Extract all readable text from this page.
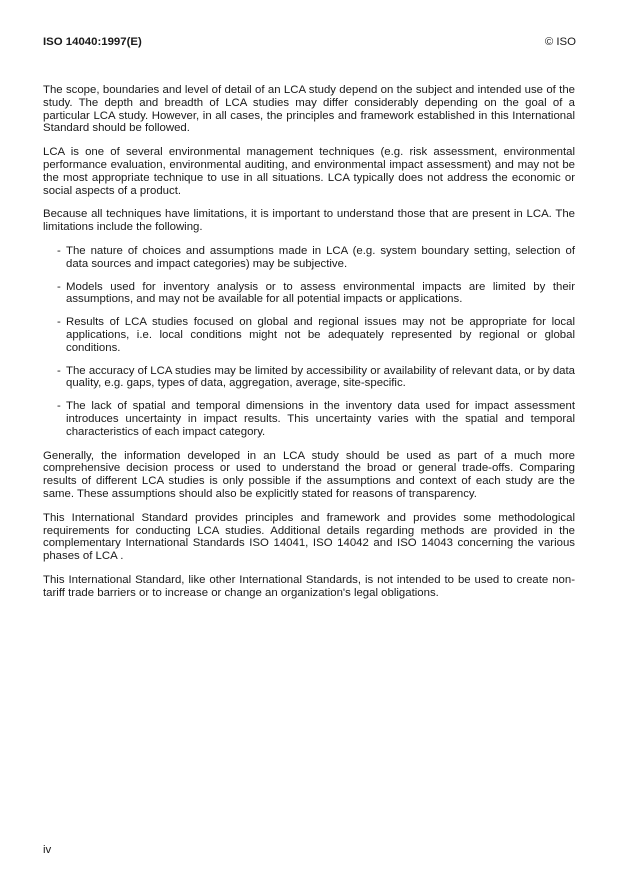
ISO 14040:1997(E)	© ISO

The scope, boundaries and level of detail of an LCA study depend on the subject and intended use of the study. The depth and breadth of LCA studies may differ considerably depending on the goal of a particular LCA study. However, in all cases, the principles and framework established in this International Standard should be followed.

LCA is one of several environmental management techniques (e.g. risk assessment, environmental performance evaluation, environmental auditing, and environmental impact assessment) and may not be the most appropriate technique to use in all situations. LCA typically does not address the economic or social aspects of a product.

Because all techniques have limitations, it is important to understand those that are present in LCA. The limitations include the following.

- The nature of choices and assumptions made in LCA (e.g. system boundary setting, selection of data sources and impact categories) may be subjective.
- Models used for inventory analysis or to assess environmental impacts are limited by their assumptions, and may not be available for all potential impacts or applications.
- Results of LCA studies focused on global and regional issues may not be appropriate for local applications, i.e. local conditions might not be adequately represented by regional or global conditions.
- The accuracy of LCA studies may be limited by accessibility or availability of relevant data, or by data quality, e.g. gaps, types of data, aggregation, average, site-specific.
- The lack of spatial and temporal dimensions in the inventory data used for impact assessment introduces uncertainty in impact results. This uncertainty varies with the spatial and temporal characteristics of each impact category.

Generally, the information developed in an LCA study should be used as part of a much more comprehensive decision process or used to understand the broad or general trade-offs. Comparing results of different LCA studies is only possible if the assumptions and context of each study are the same. These assumptions should also be explicitly stated for reasons of transparency.

This International Standard provides principles and framework and provides some methodological requirements for conducting LCA studies. Additional details regarding methods are provided in the complementary International Standards ISO 14041, ISO 14042 and ISO 14043 concerning the various phases of LCA .

This International Standard, like other International Standards, is not intended to be used to create non-tariff trade barriers or to increase or change an organization's legal obligations.

iv
